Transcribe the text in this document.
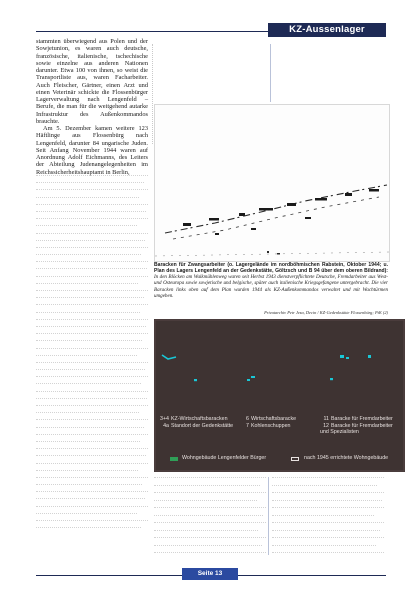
KZ-Aussenlager

stammten überwiegend aus Polen und der Sowjetunion, es waren auch deutsche, französische, italienische, tschechische sowie einzelne aus anderen Nationen darunter. Etwa 100 von ihnen, so weist die Transportliste aus, waren Facharbeiter. Auch Fleischer, Gärtner, einen Arzt und einen Veterinär schickte die Flossenbürger Lagerverwaltung nach Lengenfeld – Berufe, die man für die weitgehend autarke Infrastruktur des Außenkommandos brauchte.

Am 5. Dezember kamen weitere 123 Häftlinge aus Flossenbürg nach Lengenfeld, darunter 84 ungarische Juden. Seit Anfang November 1944 waren auf Anordnung Adolf Eichmanns, des Leiters der Abteilung Judenangelegenheiten im Reichssicherheitshauptamt in Berlin,

Baracken für Zwangsarbeiter (o. Lagergelände im nordböhmischen Rabstein, Oktober 1944; u. Plan des Lagers Lengenfeld an der Gedenkstätte, Göltzsch und B 94 über dem oberen Bildrand): In den Blöcken am Walkmühlenweg waren seit Herbst 1943 dienstverpflichtete Deutsche, Fremdarbeiter aus West- und Osteuropa sowie sowjetische und belgische, später auch italienische Kriegsgefangene untergebracht. Die vier Baracken links oben auf dem Plan wurden 1944 als KZ-Außenkommandos verwaltet und mit Wachtürmen umgeben.
Privatarchiv Petr Jeza, Decin / KZ-Gedenkstätte Flossenbürg; PtK (2)
3+4 KZ-Wirtschaftsbaracken
4a Standort der Gedenkstätte
6 Wirtschaftsbaracke
7 Kohlenschuppen
11 Baracke für Fremdarbeiter
12 Baracke für Fremdarbeiter und Spezialisten
Wohngebäude Lengenfelder Bürger	nach 1945 errichtete Wohngebäude
Seite 13
